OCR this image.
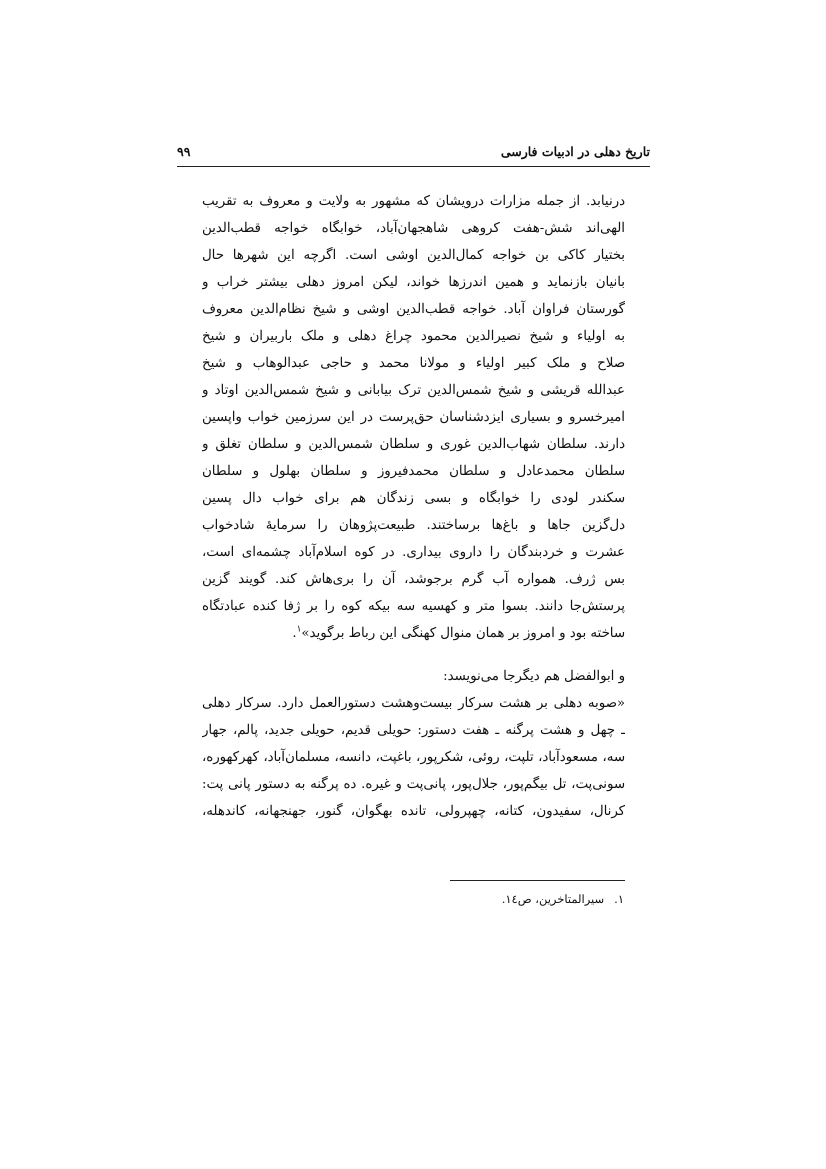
تاریخ دهلی در ادبیات فارسی
۹۹
درنیابد. از جمله مزارات درویشان که مشهور به ولایت و معروف به تقریب
الهی‌اند شش-هفت کروهی شاهجهان‌آباد، خوابگاه خواجه قطب‌الدین
بختیار کاکی بن خواجه کمال‌الدین اوشی است. اگرچه این شهرها حال
بانیان بازنماید و همین اندرزها خواند، لیکن امروز دهلی بیشتر خراب و
گورستان فراوان آباد. خواجه قطب‌الدین اوشی و شیخ نظام‌الدین معروف
به اولیاء و شیخ نصیرالدین محمود چراغ دهلی و ملک باربیران و شیخ
صلاح و ملک کبیر اولیاء و مولانا محمد و حاجی عبدالوهاب و شیخ
عبدالله قریشی و شیخ شمس‌الدین ترک بیابانی و شیخ شمس‌الدین اوتاد و
امیرخسرو و بسیاری ایزدشناسان حق‌پرست در این سرزمین خواب واپسین
دارند. سلطان شهاب‌الدین غوری و سلطان شمس‌الدین و سلطان تغلق و
سلطان محمدعادل و سلطان محمدفیروز و سلطان بهلول و سلطان
سکندر لودی را خوابگاه و بسی زندگان هم برای خواب دال پسین
دل‌گزین جاها و باغ‌ها برساختند. طبیعت‌پژوهان را سرمایهٔ شادخواب
عشرت و خردبندگان را داروی بیداری. در کوه اسلام‌آباد چشمه‌ای است،
بس ژرف. همواره آب گرم برجوشد، آن را بری‌هاش کند. گویند گزین
پرستش‌جا دانند. بسوا متر و کهسیه سه بیکه کوه را بر ژفا کنده عبادتگاه
ساخته بود و امروز بر همان منوال کهنگی این رباط برگوید»$^۱$.
و ابوالفضل هم دیگرجا می‌نویسد:
«صوبه دهلی بر هشت سرکار بیست‌وهشت دستورالعمل دارد. سرکار دهلی
ـ چهل و هشت پرگنه ـ هفت دستور: حویلی قدیم، حویلی جدید، پالم، جهار
سه، مسعودآباد، تلپت، روئی، شکرپور، باغپت، دانسه، مسلمان‌آباد، کهرکهوره،
سونی‌پت، تل بیگم‌پور، جلال‌پور، پانی‌پت و غیره. ده پرگنه به دستور پانی پت:
کرنال، سفیدون، کتانه، چهپرولی، تانده بهگوان، گنور، جهنجهانه، کاندهله،
۱.سیرالمتاخرین، ص۱٤.
